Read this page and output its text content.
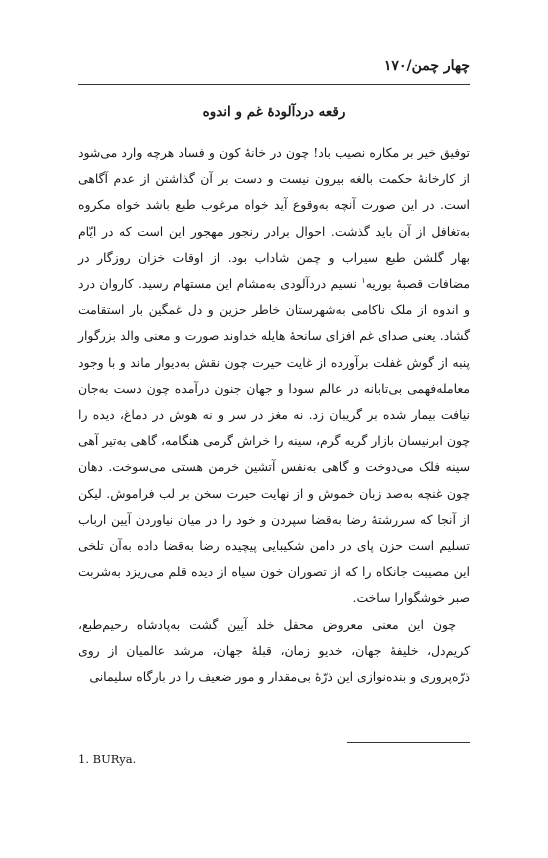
چهار چمن/۱۷۰
رقعه دردآلودهٔ غم و اندوه

توفیق خیر بر مکاره نصیب باد! چون در خانهٔ کون و فساد هرچه وارد می‌شود از کارخانهٔ حکمت بالغه بیرون نیست و دست بر آن گذاشتن از عدم آگاهی است. در این صورت آنچه به‌وقوع آید خواه مرغوب طبع باشد خواه مکروه به‌تغافل از آن باید گذشت. احوال برادر رنجور مهجور این است که در ایّام بهار گلشن طبع سیراب و چمن شاداب بود. از اوقات خزان روزگار در مضافات قصبهٔ بوریه$^۱$ نسیم دردآلودی به‌مشام این مستهام رسید. کاروان درد و اندوه از ملک ناکامی به‌شهرستان خاطر حزین و دل غمگین بار استقامت گشاد. یعنی صدای غم افزای سانحهٔ هایله خداوند صورت و معنی والد بزرگوار پنبه از گوش غفلت برآورده از غایت حیرت چون نقش به‌دیوار ماند و با وجود معامله‌فهمی بی‌تابانه در عالم سودا و جهان جنون درآمده چون دست به‌جان نیافت بیمار شده بر گریبان زد. نه مغز در سر و نه هوش در دماغ، دیده را چون ابرنیسان بازار گریه گرم، سینه را خراش گرمی هنگامه، گاهی به‌تیر آهی سینه فلک می‌دوخت و گاهی به‌نفس آتشین خرمن هستی می‌سوخت. دهان چون غنچه به‌صد زبان خموش و از نهایت حیرت سخن بر لب فراموش. لیکن از آنجا که سررشتهٔ رضا به‌قضا سپردن و خود را در میان نیاوردن آیین ارباب تسلیم است حزن پای در دامن شکیبایی پیچیده رضا به‌قضا داده به‌آن تلخی این مصیبت جانکاه را که از تصوران خون سیاه از دیده قلم می‌ریزد به‌شربت صبر خوشگوارا ساخت.

چون این معنی معروض محفل خلد آیین گشت به‌پادشاه رحیم‌طبع، کریم‌دل، خلیفهٔ جهان، خدیو زمان، قبلهٔ جهان، مرشد عالمیان از روی ذرّه‌پروری و بنده‌نوازی این ذرّهٔ بی‌مقدار و مور ضعیف را در بارگاه سلیمانی

1. BURya.
